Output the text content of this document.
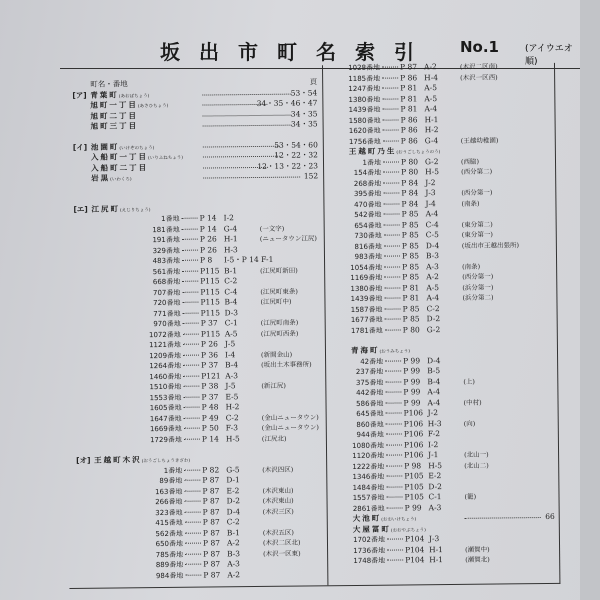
坂出市町名索引 No.1	(アイウエオ順)
町名・番地	頁
[ア] 青葉町(あおばちょう)	53・54
旭町一丁目(あさひちょう)	34・35・46・47
旭町二丁目	34・35
旭町三丁目	34・35
[イ] 池園町(いけぞのちょう)	53・54・60
入船町一丁目(いりふねちょう)	12・22・32
入船町二丁目	12・13・22・23
岩黒(いわくろ)	152
[エ] 江尻町(えじりちょう)
1番地	P 14 I-2
181番地	P 14 G-4	(一文字)
191番地	P 26 H-1	(ニュータウン江尻)
329番地	P 26 H-3
483番地	P 8 I-5・P 14 F-1
561番地	P115 B-1	(江尻町新田)
668番地	P115 C-2
707番地	P115 C-4	(江尻町東条)
720番地	P115 B-4	(江尻町中)
771番地	P115 D-3
970番地	P 37 C-1	(江尻町南条)
1072番地	P115 A-5	(江尻町西条)
1121番地	P 26 J-5
1209番地	P 36 I-4	(新開金山)
1264番地	P 37 B-4	(坂出土木事務所)
1460番地	P121 A-3
1510番地	P 38 J-5	(新江尻)
1553番地	P 37 E-5
1605番地	P 48 H-2
1647番地	P 49 C-2	(金山ニュータウン)
1669番地	P 50 F-3	(金山ニュータウン)
1729番地	P 14 H-5	(江尻北)
[オ] 王越町木沢(おうごしちょうきざわ)
1番地	P 82 G-5	(木沢四区)
89番地	P 87 D-1
163番地	P 87 E-2	(木沢東山)
266番地	P 87 D-2	(木沢東山)
323番地	P 87 D-4	(木沢三区)
415番地	P 87 C-2
562番地	P 87 B-1	(木沢五区)
650番地	P 87 A-2	(木沢二区北)
785番地	P 87 B-3	(木沢一区東)
889番地	P 87 A-3
984番地	P 87 A-2
1028番地	P 87 A-2	(木沢二区南)
1185番地	P 86 H-4	(木沢一区西)
1247番地	P 81 A-5
1380番地	P 81 A-5
1439番地	P 81 A-4
1580番地	P 86 H-1
1620番地	P 86 H-2
1756番地	P 86 G-4	(王越幼稚園)
王越町乃生(おうごしちょうのう)
1番地	P 80 G-2	(西脇)
154番地	P 80 H-5	(西分第二)
268番地	P 84 J-2
395番地	P 84 J-3	(西分第一)
470番地	P 84 J-4	(南条)
542番地	P 85 A-4
654番地	P 85 C-4	(東分第二)
730番地	P 85 C-5	(東分第一)
816番地	P 85 D-4	(坂出市王越出張所)
983番地	P 85 B-3
1054番地	P 85 A-3	(南条)
1169番地	P 85 A-2	(西分第一)
1380番地	P 81 A-5	(浜分第一)
1439番地	P 81 A-4	(浜分第二)
1587番地	P 85 C-2
1677番地	P 85 D-2
1781番地	P 80 G-2
青海町(おうみちょう)
42番地	P 99 D-4
237番地	P 99 B-5
375番地	P 99 B-4	(上)
442番地	P 99 A-4
586番地	P 99 A-4	(中村)
645番地	P106 J-2
860番地	P106 H-3	(向)
944番地	P106 F-2
1080番地	P106 I-2
1120番地	P106 J-1	(北山一)
1222番地	P 98 H-5	(北山二)
1346番地	P105 E-2
1484番地	P105 D-2
1557番地	P105 C-1	(籠)
2861番地	P 99 A-3
大池町(おおいけちょう)	66
大屋冨町(おおやぶちょう)
1702番地	P104 J-3
1736番地	P104 H-1	(瀬賀中)
1748番地	P104 H-1	(瀬賀北)
